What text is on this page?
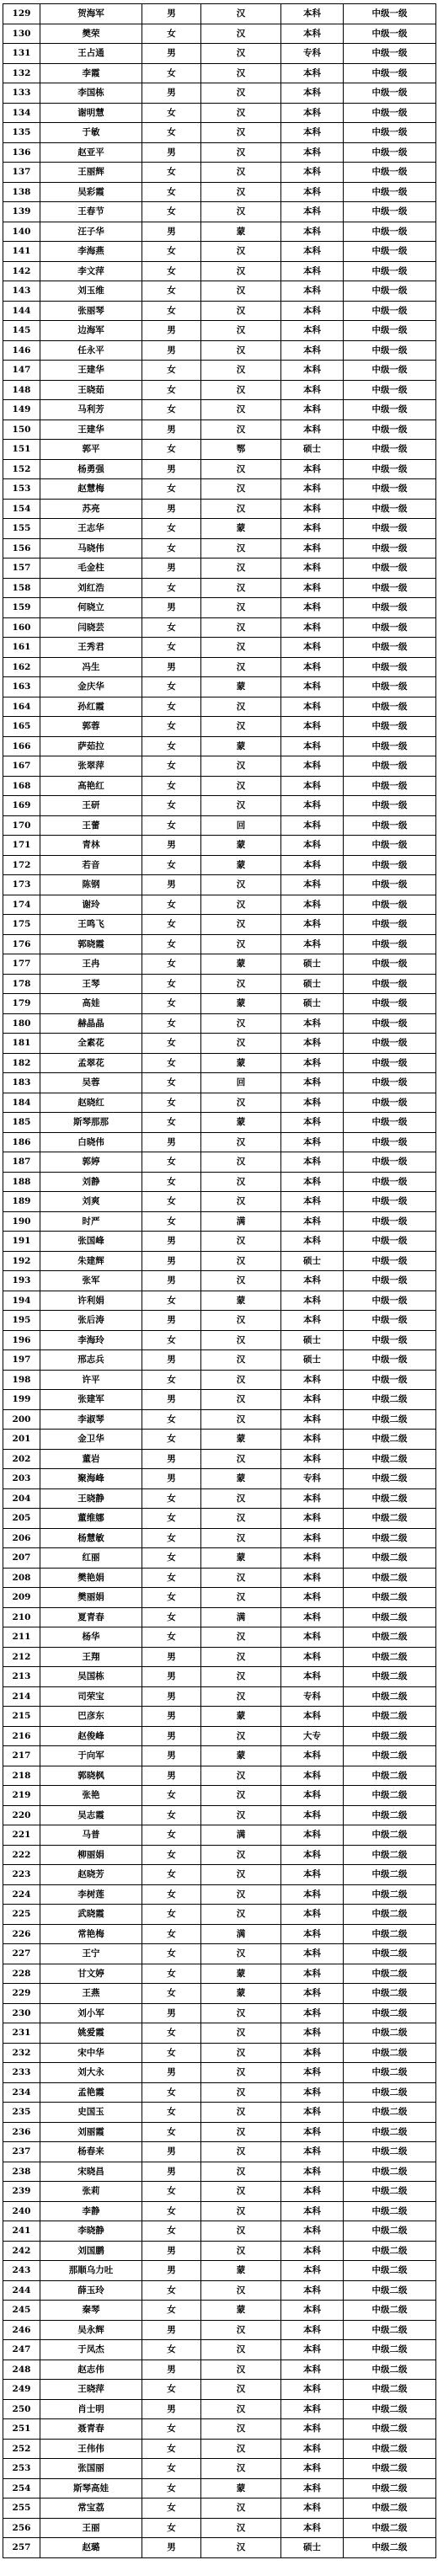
129	贺海军	男	汉	本科	中级一级
130	樊荣	女	汉	本科	中级一级
131	王占通	男	汉	专科	中级一级
132	李霞	女	汉	本科	中级一级
133	李国栋	男	汉	本科	中级一级
134	谢明慧	女	汉	本科	中级一级
135	于敏	女	汉	本科	中级一级
136	赵亚平	男	汉	本科	中级一级
137	王丽辉	女	汉	本科	中级一级
138	吴彩霞	女	汉	本科	中级一级
139	王春节	女	汉	本科	中级一级
140	汪子华	男	蒙	本科	中级一级
141	李海燕	女	汉	本科	中级一级
142	李文萍	女	汉	本科	中级一级
143	刘玉维	女	汉	本科	中级一级
144	张丽琴	女	汉	本科	中级一级
145	边海军	男	汉	本科	中级一级
146	任永平	男	汉	本科	中级一级
147	王建华	女	汉	本科	中级一级
148	王晓茹	女	汉	本科	中级一级
149	马利芳	女	汉	本科	中级一级
150	王建华	男	汉	本科	中级一级
151	郭平	女	鄂	硕士	中级一级
152	杨勇强	男	汉	本科	中级一级
153	赵慧梅	女	汉	本科	中级一级
154	苏亮	男	汉	本科	中级一级
155	王志华	女	蒙	本科	中级一级
156	马晓伟	女	汉	本科	中级一级
157	毛金柱	男	汉	本科	中级一级
158	刘红浩	女	汉	本科	中级一级
159	何晓立	男	汉	本科	中级一级
160	闫晓芸	女	汉	本科	中级一级
161	王秀君	女	汉	本科	中级一级
162	冯生	男	汉	本科	中级一级
163	金庆华	女	蒙	本科	中级一级
164	孙红霞	女	汉	本科	中级一级
165	郭蓉	女	汉	本科	中级一级
166	萨茹拉	女	蒙	本科	中级一级
167	张翠萍	女	汉	本科	中级一级
168	高艳红	女	汉	本科	中级一级
169	王研	女	汉	本科	中级一级
170	王蕾	女	回	本科	中级一级
171	青林	男	蒙	本科	中级一级
172	若音	女	蒙	本科	中级一级
173	陈钢	男	汉	本科	中级一级
174	谢玲	女	汉	本科	中级一级
175	王鸣飞	女	汉	本科	中级一级
176	郭晓霞	女	汉	本科	中级一级
177	王冉	女	蒙	硕士	中级一级
178	王琴	女	汉	硕士	中级一级
179	高娃	女	蒙	硕士	中级一级
180	赫晶晶	女	汉	本科	中级一级
181	全素花	女	汉	本科	中级一级
182	孟翠花	女	蒙	本科	中级一级
183	吴蓉	女	回	本科	中级一级
184	赵晓红	女	汉	本科	中级一级
185	斯琴那那	女	蒙	本科	中级一级
186	白晓伟	男	汉	本科	中级一级
187	郭婷	女	汉	本科	中级一级
188	刘静	女	汉	本科	中级一级
189	刘爽	女	汉	本科	中级一级
190	时严	女	满	本科	中级一级
191	张国峰	男	汉	本科	中级一级
192	朱建辉	男	汉	硕士	中级一级
193	张军	男	汉	本科	中级一级
194	许利娟	女	蒙	本科	中级一级
195	张后涛	男	汉	本科	中级一级
196	李海玲	女	汉	硕士	中级一级
197	邢志兵	男	汉	硕士	中级一级
198	许平	女	汉	本科	中级一级
199	张建军	男	汉	本科	中级二级
200	李淑琴	女	汉	本科	中级二级
201	金卫华	女	蒙	本科	中级二级
202	董岩	男	汉	本科	中级二级
203	聚海峰	男	蒙	专科	中级二级
204	王晓静	女	汉	本科	中级二级
205	董维娜	女	汉	本科	中级二级
206	杨慧敏	女	汉	本科	中级二级
207	红丽	女	蒙	本科	中级二级
208	樊艳娟	女	汉	本科	中级二级
209	樊丽娟	女	汉	本科	中级二级
210	夏青春	女	满	本科	中级二级
211	杨华	女	汉	本科	中级二级
212	王翔	男	汉	本科	中级二级
213	吴国栋	男	汉	本科	中级二级
214	司荣宝	男	汉	专科	中级二级
215	巴彦东	男	蒙	本科	中级二级
216	赵俊峰	男	汉	大专	中级二级
217	于向军	男	蒙	本科	中级二级
218	郭晓枫	男	汉	本科	中级二级
219	张艳	女	汉	本科	中级二级
220	吴志霞	女	汉	本科	中级二级
221	马普	女	满	本科	中级二级
222	柳丽娟	女	汉	本科	中级二级
223	赵晓芳	女	汉	本科	中级二级
224	李树莲	女	汉	本科	中级二级
225	武晓霞	女	汉	本科	中级二级
226	常艳梅	女	满	本科	中级二级
227	王宁	女	汉	本科	中级二级
228	甘文婷	女	蒙	本科	中级二级
229	王燕	女	蒙	本科	中级二级
230	刘小军	男	汉	本科	中级二级
231	姚爱霞	女	汉	本科	中级二级
232	宋中华	女	汉	本科	中级二级
233	刘大永	男	汉	本科	中级二级
234	孟艳霞	女	汉	本科	中级二级
235	史国玉	女	汉	本科	中级二级
236	刘丽霞	女	汉	本科	中级二级
237	杨春来	男	汉	本科	中级二级
238	宋晓昌	男	汉	本科	中级二级
239	张莉	女	汉	本科	中级二级
240	李静	女	汉	本科	中级二级
241	李晓静	女	汉	本科	中级二级
242	刘国鹏	男	汉	本科	中级二级
243	那顺乌力吐	男	蒙	本科	中级二级
244	薛玉玲	女	汉	本科	中级二级
245	秦琴	女	蒙	本科	中级二级
246	吴永辉	男	汉	本科	中级二级
247	于凤杰	女	汉	本科	中级二级
248	赵志伟	男	汉	本科	中级二级
249	王晓萍	女	汉	本科	中级二级
250	肖士明	男	汉	本科	中级二级
251	聂青春	女	汉	本科	中级二级
252	王伟伟	女	汉	本科	中级二级
253	张国丽	女	汉	本科	中级二级
254	斯琴高娃	女	蒙	本科	中级二级
255	常宝荔	女	汉	本科	中级二级
256	王丽	女	汉	本科	中级二级
257	赵璐	男	汉	硕士	中级二级
